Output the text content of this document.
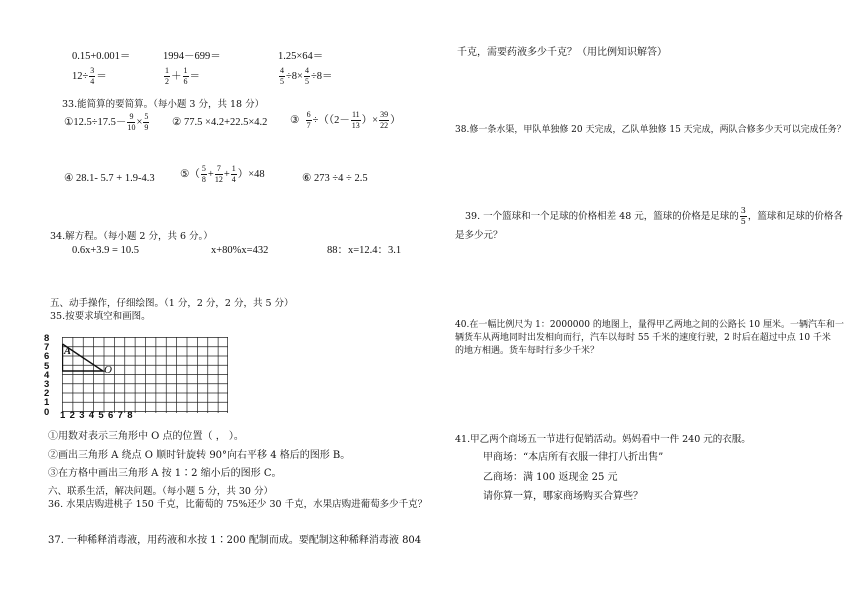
0.15+0.001＝	1994－699＝	1.25×64＝
$12\div \frac{3}{4}$ ＝	$\frac{1}{2} + \frac{1}{6}$ ＝	$\frac{4}{5} \div 8\times \frac{4}{5} \div 8=$
33.能简算的要简算。（每小题 3 分，共 18 分）
①12.5÷17.5－ $\frac{9}{10} \times \frac{5}{9}$ ② 77.5 ×4.2+22.5×4.2 ③ $\frac{6}{7} \div((2- \frac{11}{13}$ ）× $\frac{39}{22}$ ）
④ 28.1- 5.7 + 1.9-4.3 ⑤（ $\frac{5}{8} + \frac{7}{12} + \frac{1}{4} )\times 48$	⑥ 273 ÷4 ÷ 2.5
34.解方程。（每小题 2 分，共 6 分。）
0.6x+3.9 = 10.5	x+80%x=432	88：x=12.4：3.1
五、动手操作，仔细绘图。（1 分，2 分，2 分，共 5 分）
35.按要求填空和画图。
A
O
8
7
6
5
4
3
2
1
0 1 2 3 4 5 6 7 8
①用数对表示三角形中 O 点的位置（ ， ）。
②画出三角形 A 绕点 O 顺时针旋转 90°向右平移 4 格后的图形 B。
③在方格中画出三角形 A 按 1∶2 缩小后的图形 C。
六、联系生活，解决问题。（每小题 5 分，共 30 分）
36. 水果店购进桃子 150 千克，比葡萄的 75%还少 30 千克，水果店购进葡萄多少千克？
37. 一种稀释消毒液，用药液和水按 1∶200 配制而成。要配制这种稀释消毒液 804
千克，需要药液多少千克？（用比例知识解答）
38.修一条水渠，甲队单独修 20 天完成，乙队单独修 15 天完成，两队合修多少天可以完成任务？
39. 一个篮球和一个足球的价格相差 48 元，篮球的价格是足球的 $\frac{3}{5}$ ，篮球和足球的价格各
是多少元？
40.在一幅比例尺为 1：2000000 的地图上，量得甲乙两地之间的公路长 10 厘米。一辆汽车和一
辆货车从两地同时出发相向而行，汽车以每时 55 千米的速度行驶，2 时后在超过中点 10 千米
的地方相遇。货车每时行多少千米？
41.甲乙两个商场五一节进行促销活动。妈妈看中一件 240 元的衣服。
甲商场：“本店所有衣服一律打八折出售”
乙商场：满 100 返现金 25 元
请你算一算，哪家商场购买合算些？
